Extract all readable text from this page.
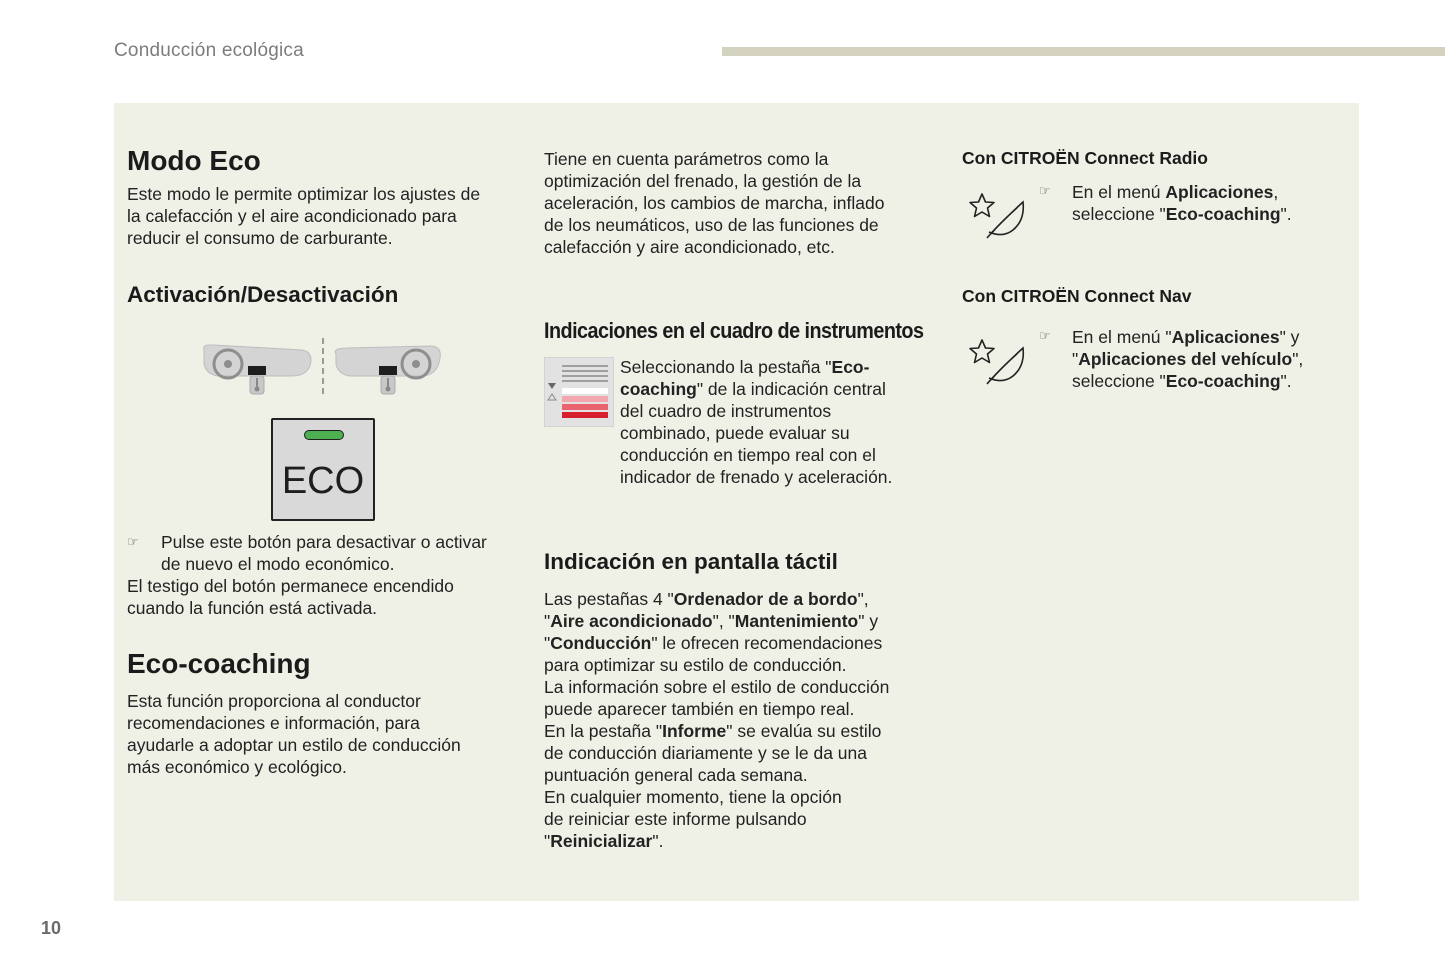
Conducción ecológica
Modo Eco
Este modo le permite optimizar los ajustes de
la calefacción y el aire acondicionado para
reducir el consumo de carburante.
Activación/Desactivación
ECO
☞ Pulse este botón para desactivar o activar
de nuevo el modo económico.
El testigo del botón permanece encendido
cuando la función está activada.
Eco-coaching
Esta función proporciona al conductor
recomendaciones e información, para
ayudarle a adoptar un estilo de conducción
más económico y ecológico.
Tiene en cuenta parámetros como la
optimización del frenado, la gestión de la
aceleración, los cambios de marcha, inflado
de los neumáticos, uso de las funciones de
calefacción y aire acondicionado, etc.
Indicaciones en el cuadro de instrumentos
Seleccionando la pestaña "Eco-
coaching" de la indicación central
del cuadro de instrumentos
combinado, puede evaluar su
conducción en tiempo real con el
indicador de frenado y aceleración.
Indicación en pantalla táctil
Las pestañas 4 "Ordenador de a bordo",
"Aire acondicionado", "Mantenimiento" y
"Conducción" le ofrecen recomendaciones
para optimizar su estilo de conducción.
La información sobre el estilo de conducción
puede aparecer también en tiempo real.
En la pestaña "Informe" se evalúa su estilo
de conducción diariamente y se le da una
puntuación general cada semana.
En cualquier momento, tiene la opción
de reiniciar este informe pulsando
"Reinicializar".
Con CITROËN Connect Radio
☞ En el menú Aplicaciones,
seleccione "Eco-coaching".
Con CITROËN Connect Nav
☞ En el menú "Aplicaciones" y
"Aplicaciones del vehículo",
seleccione "Eco-coaching".
10
